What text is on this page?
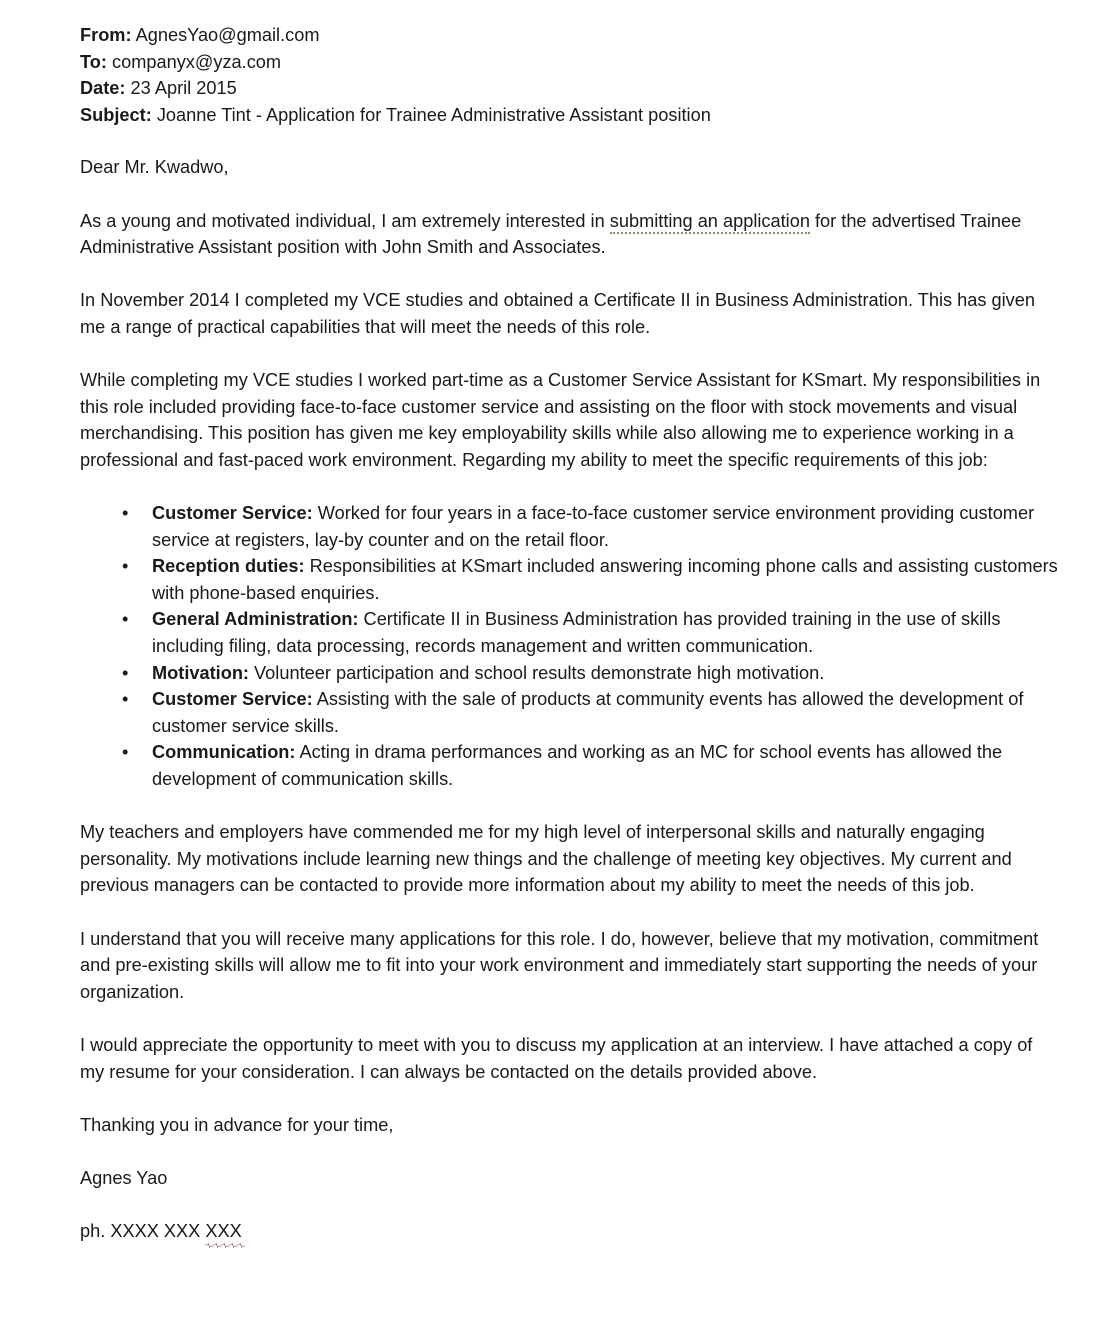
From: AgnesYao@gmail.com
To: companyx@yza.com
Date: 23 April 2015
Subject: Joanne Tint - Application for Trainee Administrative Assistant position

Dear Mr. Kwadwo,

As a young and motivated individual, I am extremely interested in submitting an application for the advertised Trainee Administrative Assistant position with John Smith and Associates.

In November 2014 I completed my VCE studies and obtained a Certificate II in Business Administration. This has given me a range of practical capabilities that will meet the needs of this role.

While completing my VCE studies I worked part-time as a Customer Service Assistant for KSmart. My responsibilities in this role included providing face-to-face customer service and assisting on the floor with stock movements and visual merchandising. This position has given me key employability skills while also allowing me to experience working in a professional and fast-paced work environment. Regarding my ability to meet the specific requirements of this job:

• Customer Service: Worked for four years in a face-to-face customer service environment providing customer service at registers, lay-by counter and on the retail floor.
• Reception duties: Responsibilities at KSmart included answering incoming phone calls and assisting customers with phone-based enquiries.
• General Administration: Certificate II in Business Administration has provided training in the use of skills including filing, data processing, records management and written communication.
• Motivation: Volunteer participation and school results demonstrate high motivation.
• Customer Service: Assisting with the sale of products at community events has allowed the development of customer service skills.
• Communication: Acting in drama performances and working as an MC for school events has allowed the development of communication skills.

My teachers and employers have commended me for my high level of interpersonal skills and naturally engaging personality. My motivations include learning new things and the challenge of meeting key objectives. My current and previous managers can be contacted to provide more information about my ability to meet the needs of this job.

I understand that you will receive many applications for this role. I do, however, believe that my motivation, commitment and pre-existing skills will allow me to fit into your work environment and immediately start supporting the needs of your organization.

I would appreciate the opportunity to meet with you to discuss my application at an interview. I have attached a copy of my resume for your consideration. I can always be contacted on the details provided above.

Thanking you in advance for your time,

Agnes Yao

ph. XXXX XXX XXX
